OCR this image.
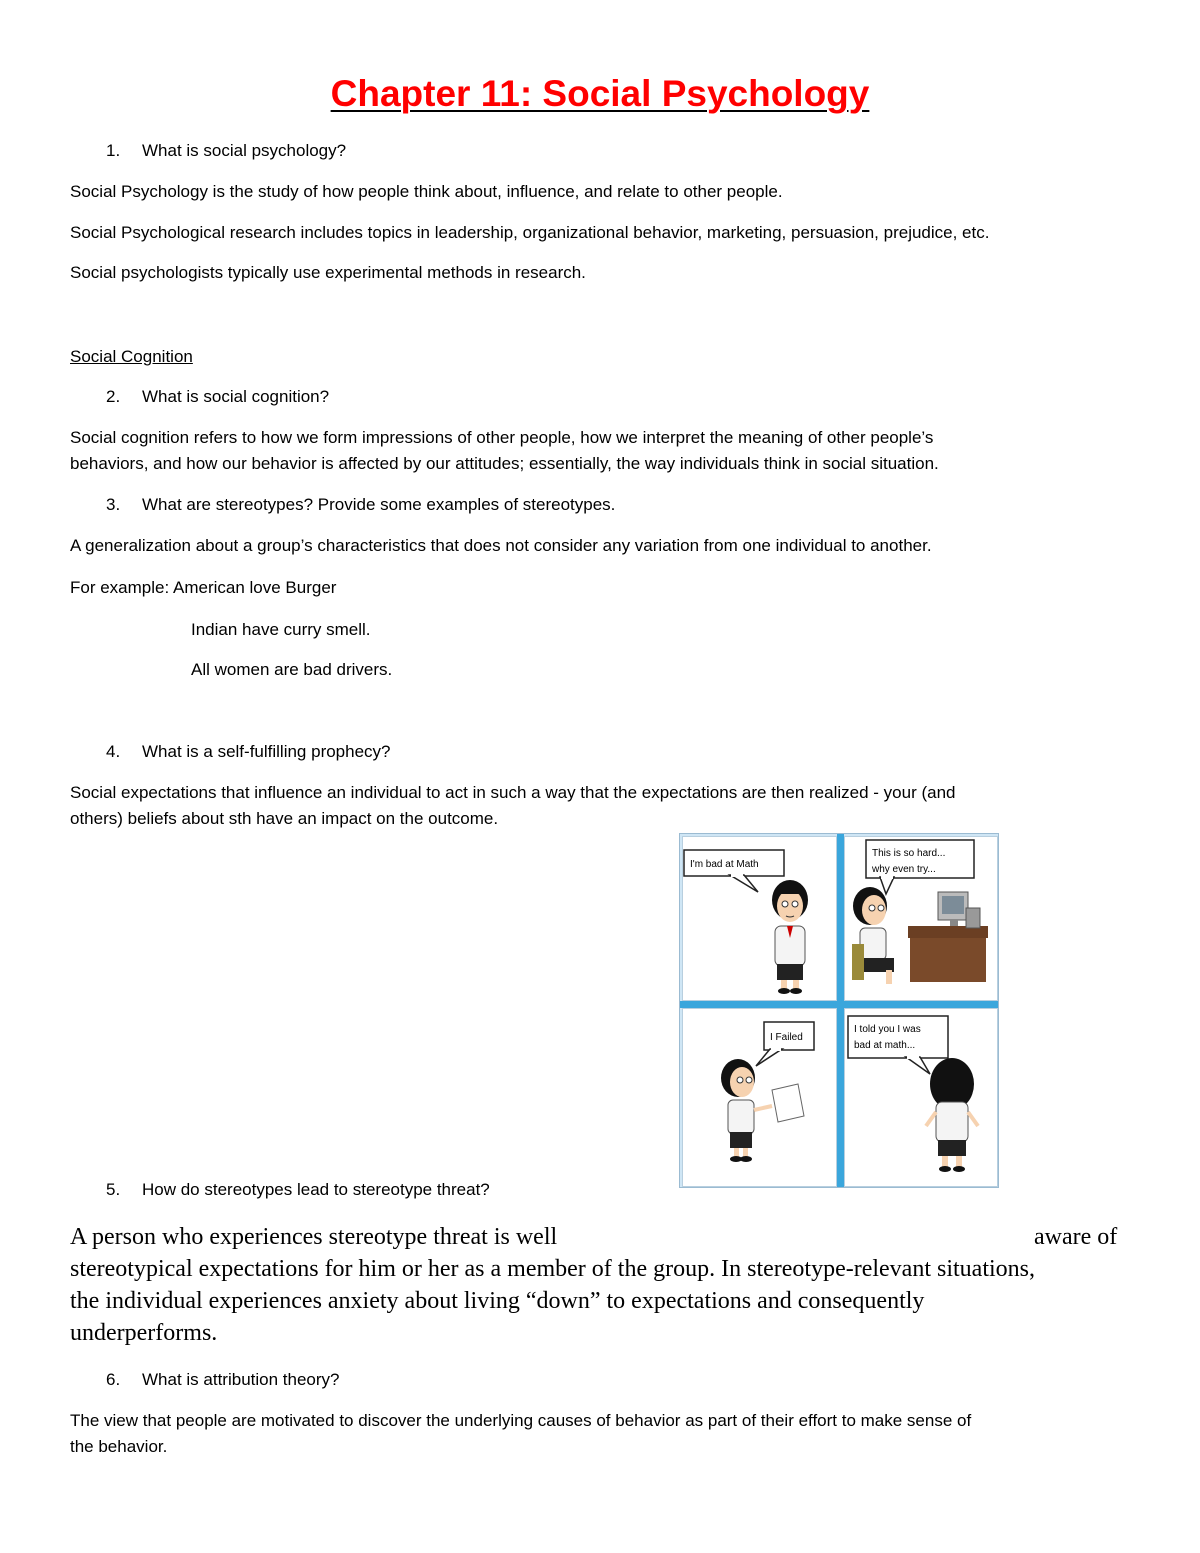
Chapter 11: Social Psychology
1. What is social psychology?
Social Psychology is the study of how people think about, influence, and relate to other people.
Social Psychological research includes topics in leadership, organizational behavior, marketing, persuasion, prejudice, etc.
Social psychologists typically use experimental methods in research.
Social Cognition
2. What is social cognition?
Social cognition refers to how we form impressions of other people, how we interpret the meaning of other people’s
behaviors, and how our behavior is affected by our attitudes; essentially, the way individuals think in social situation.
3. What are stereotypes? Provide some examples of stereotypes.
A generalization about a group’s characteristics that does not consider any variation from one individual to another.
For example: American love Burger
Indian have curry smell.
All women are bad drivers.
4. What is a self-fulfilling prophecy?
Social expectations that influence an individual to act in such a way that the expectations are then realized - your (and
others) beliefs about sth have an impact on the outcome.
I'm bad at Math
This is so hard...
why even try...
I Failed
I told you I was
bad at math...
5. How do stereotypes lead to stereotype threat?
A person who experiences stereotype threat is well	aware of
stereotypical expectations for him or her as a member of the group. In stereotype-relevant situations,
the individual experiences anxiety about living “down” to expectations and consequently
underperforms.
6. What is attribution theory?
The view that people are motivated to discover the underlying causes of behavior as part of their effort to make sense of
the behavior.
